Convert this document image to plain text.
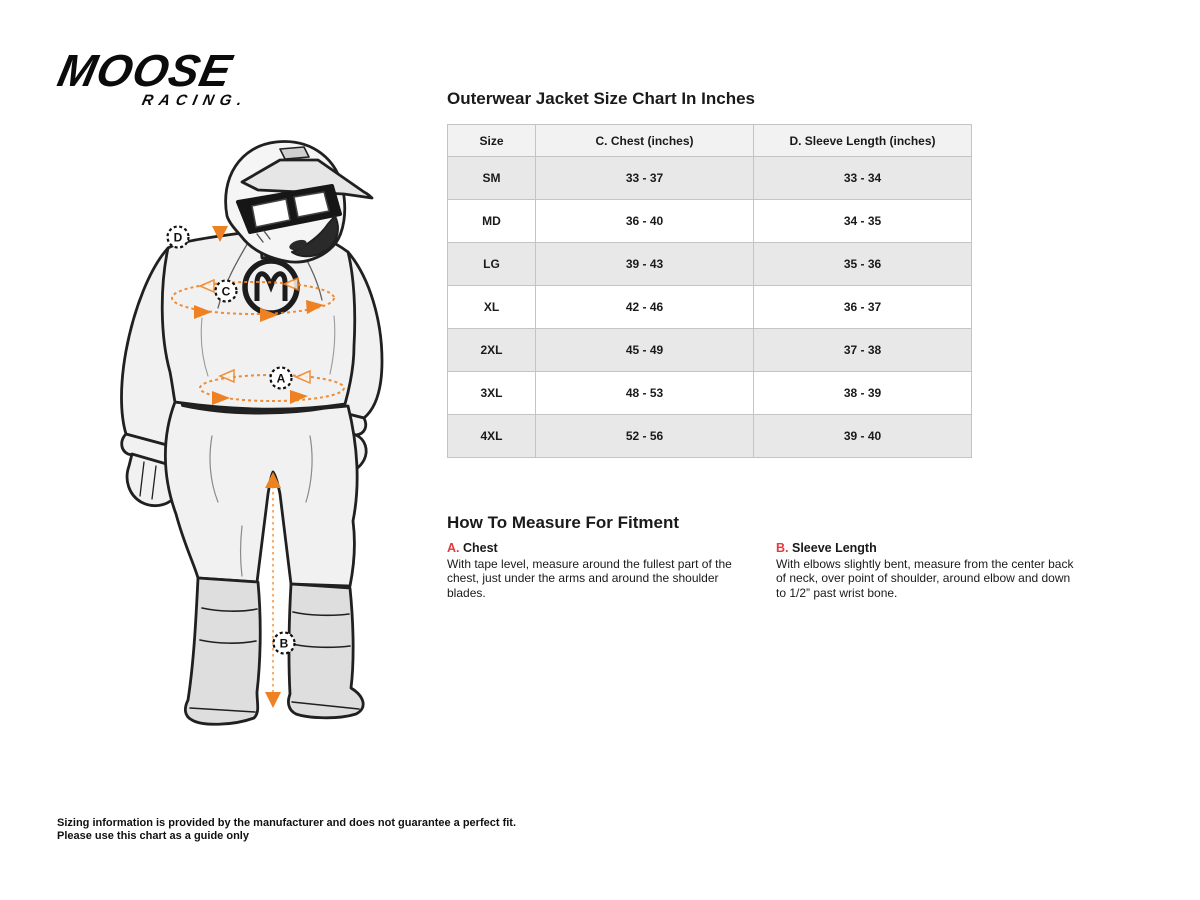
MOOSE
RACING.
D
C
A
B
Outerwear Jacket Size Chart In Inches
Size	C. Chest (inches)	D. Sleeve Length (inches)
SM	33 - 37	33 - 34
MD	36 - 40	34 - 35
LG	39 - 43	35 - 36
XL	42 - 46	36 - 37
2XL	45 - 49	37 - 38
3XL	48 - 53	38 - 39
4XL	52 - 56	39 - 40
How To Measure For Fitment

A. Chest

With tape level, measure around the fullest part of the chest, just under the arms and around the shoulder blades.

B. Sleeve Length

With elbows slightly bent, measure from the center back of neck, over point of shoulder, around elbow and down to 1/2” past wrist bone.

Sizing information is provided by the manufacturer and does not guarantee a perfect fit.
Please use this chart as a guide only
